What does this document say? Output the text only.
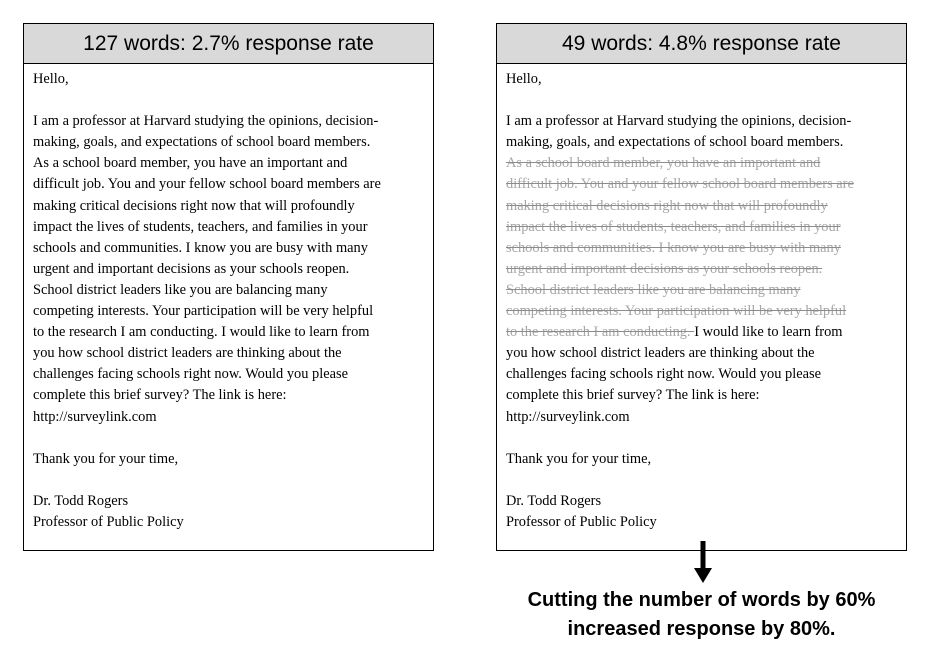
127 words: 2.7% response rate
Hello,
I am a professor at Harvard studying the opinions, decision-
making, goals, and expectations of school board members.
As a school board member, you have an important and
difficult job. You and your fellow school board members are
making critical decisions right now that will profoundly
impact the lives of students, teachers, and families in your
schools and communities. I know you are busy with many
urgent and important decisions as your schools reopen.
School district leaders like you are balancing many
competing interests. Your participation will be very helpful
to the research I am conducting. I would like to learn from
you how school district leaders are thinking about the
challenges facing schools right now. Would you please
complete this brief survey? The link is here:
http://surveylink.com
Thank you for your time,
Dr. Todd Rogers
Professor of Public Policy
49 words: 4.8% response rate
Hello,
I am a professor at Harvard studying the opinions, decision-
making, goals, and expectations of school board members.
As a school board member, you have an important and
difficult job. You and your fellow school board members are
making critical decisions right now that will profoundly
impact the lives of students, teachers, and families in your
schools and communities. I know you are busy with many
urgent and important decisions as your schools reopen.
School district leaders like you are balancing many
competing interests. Your participation will be very helpful
to the research I am conducting. I would like to learn from
you how school district leaders are thinking about the
challenges facing schools right now. Would you please
complete this brief survey? The link is here:
http://surveylink.com
Thank you for your time,
Dr. Todd Rogers
Professor of Public Policy
Cutting the number of words by 60%
increased response by 80%.
